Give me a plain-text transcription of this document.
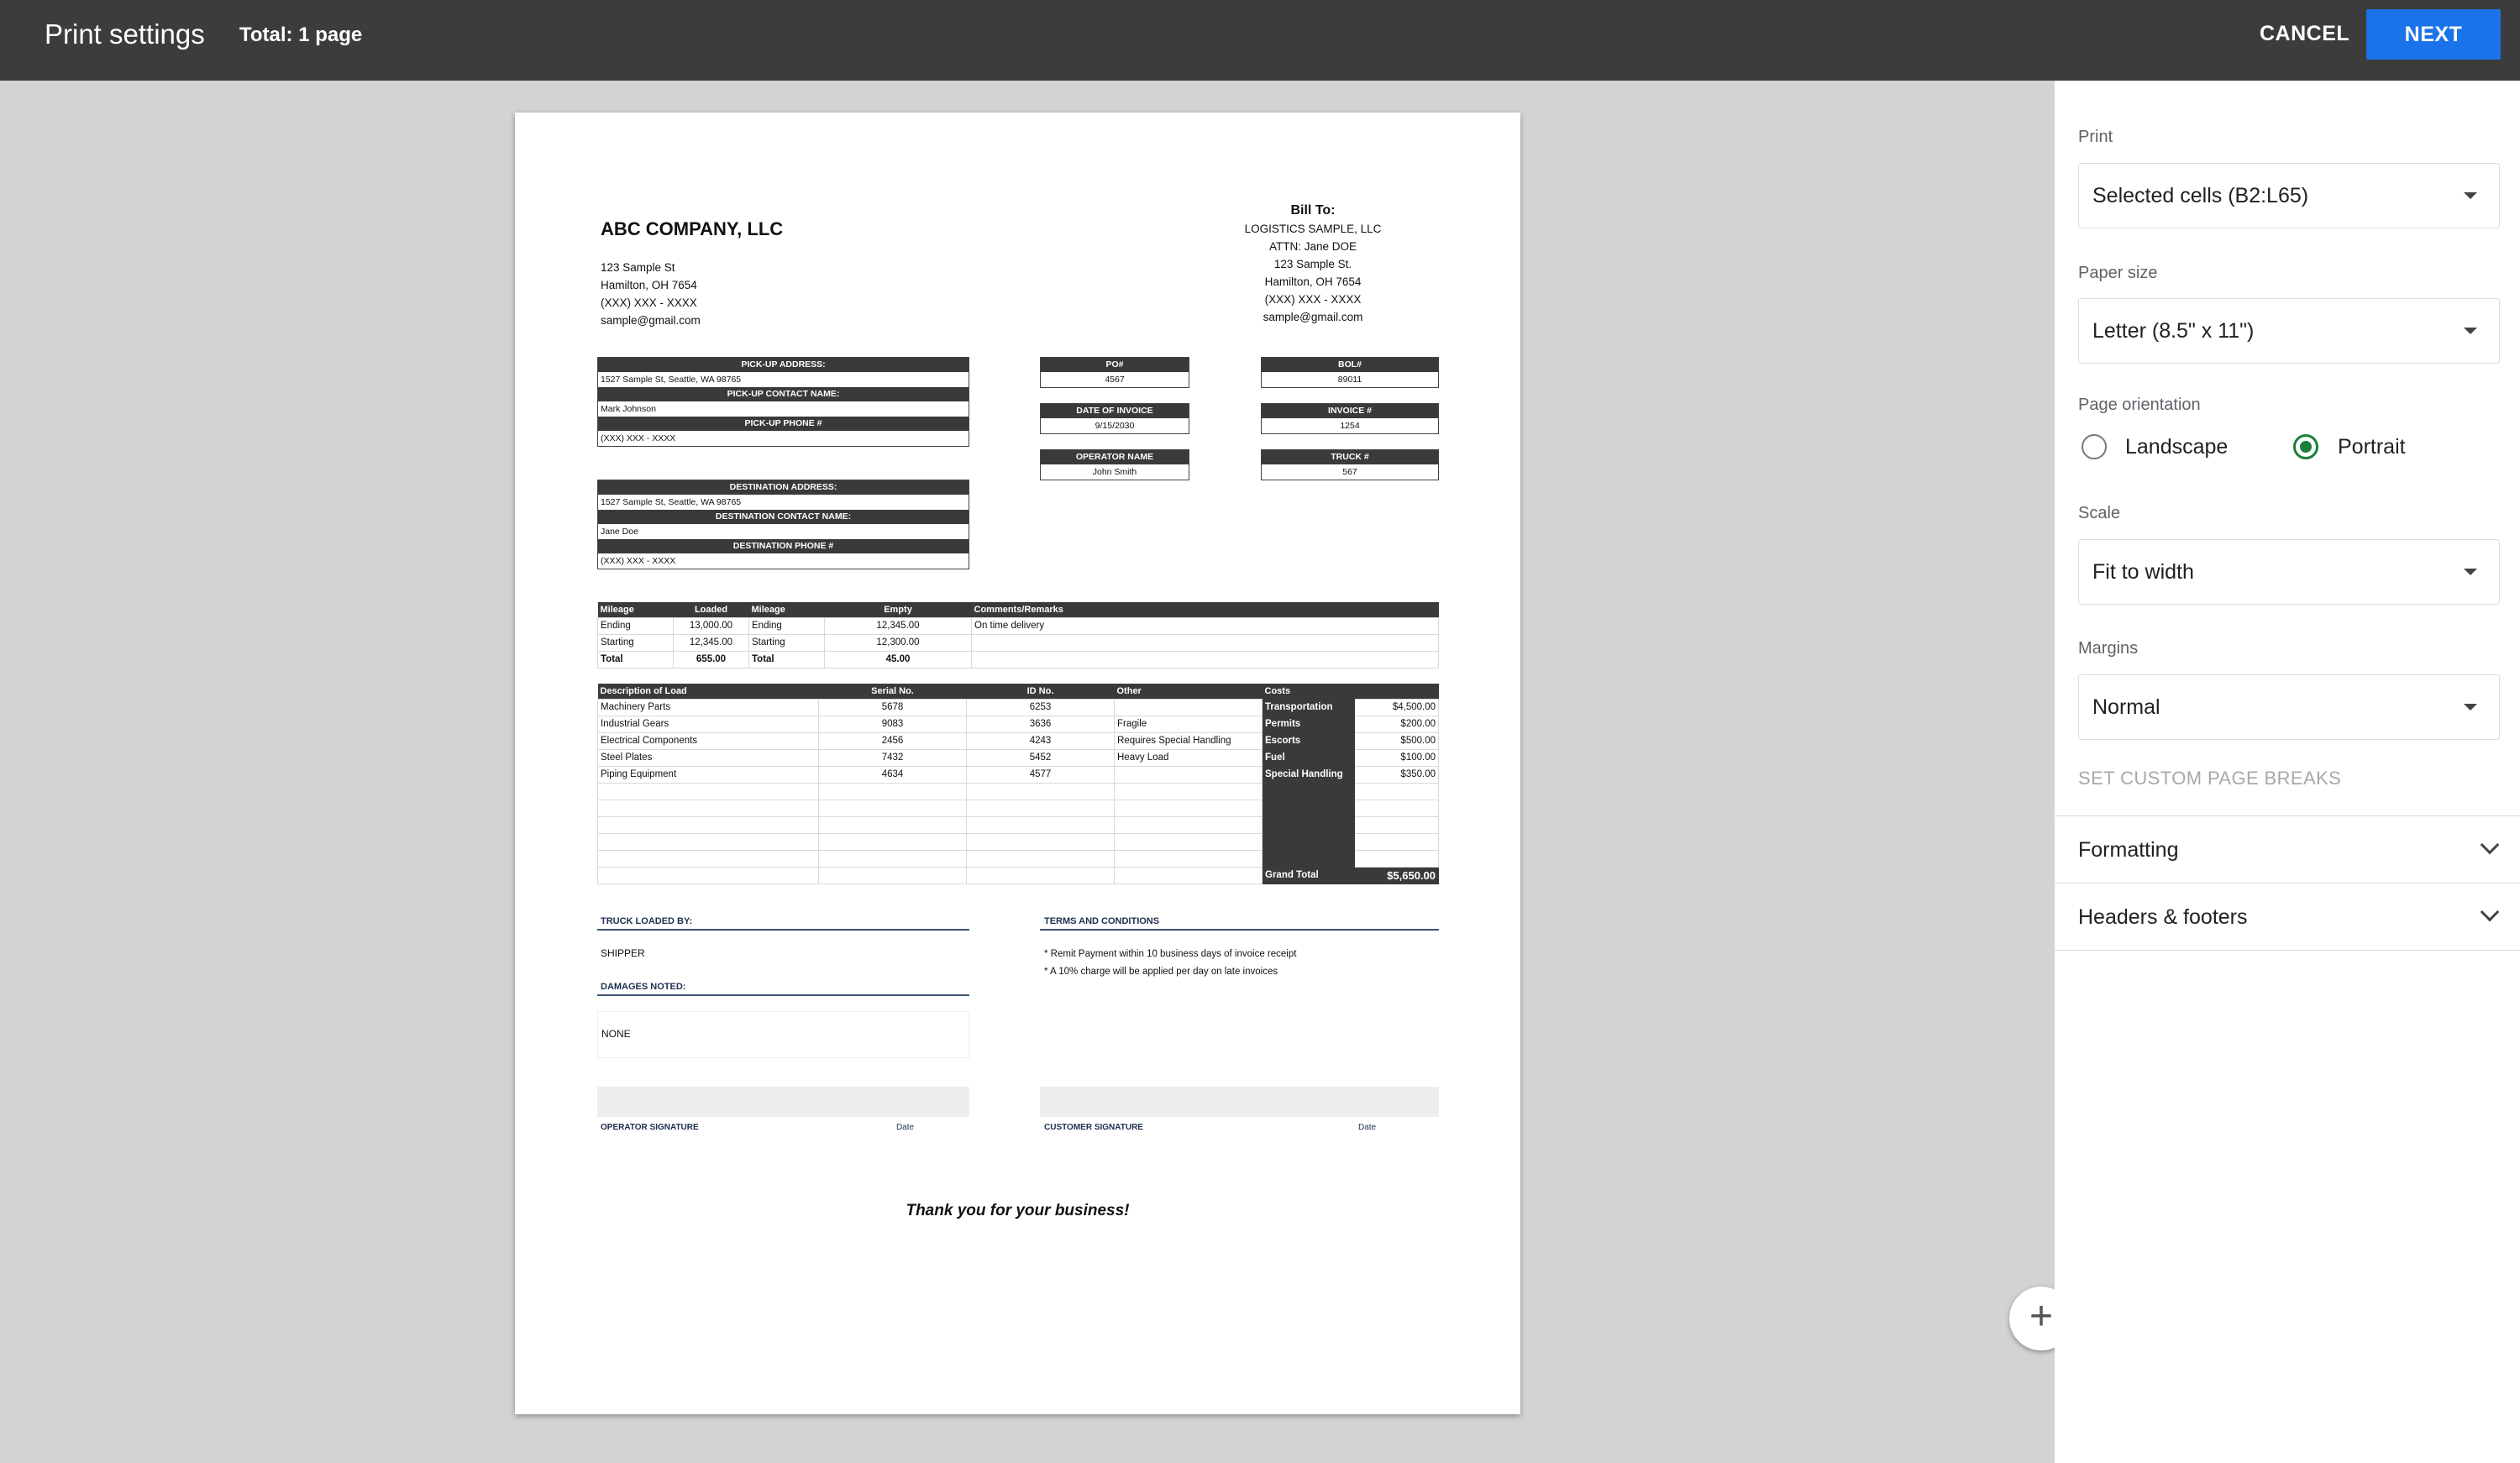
Print settings Total: 1 page	CANCEL	NEXT
ABC COMPANY, LLC
123 Sample St
Hamilton, OH 7654
(XXX) XXX - XXXX
sample@gmail.com
Bill To:
LOGISTICS SAMPLE, LLC
ATTN: Jane DOE
123 Sample St.
Hamilton, OH 7654
(XXX) XXX - XXXX
sample@gmail.com
PICK-UP ADDRESS:
1527 Sample St, Seattle, WA 98765
PICK-UP CONTACT NAME:
Mark Johnson
PICK-UP PHONE #
(XXX) XXX - XXXX
DESTINATION ADDRESS:
1527 Sample St, Seattle, WA 98765
DESTINATION CONTACT NAME:
Jane Doe
DESTINATION PHONE #
(XXX) XXX - XXXX
PO#
4567
BOL#
89011
DATE OF INVOICE
9/15/2030
INVOICE #
1254
OPERATOR NAME
John Smith
TRUCK #
567
Mileage	Loaded	Mileage	Empty	Comments/Remarks
Ending	13,000.00	Ending	12,345.00	On time delivery
Starting	12,345.00	Starting	12,300.00	
Total	655.00	Total	45.00	
Description of Load	Serial No.	ID No.	Other	Costs	
Machinery Parts	5678	6253		Transportation	$4,500.00
Industrial Gears	9083	3636	Fragile	Permits	$200.00
Electrical Components	2456	4243	Requires Special Handling	Escorts	$500.00
Steel Plates	7432	5452	Heavy Load	Fuel	$100.00
Piping Equipment	4634	4577		Special Handling	$350.00

				Grand Total	$5,650.00
TRUCK LOADED BY:
SHIPPER
DAMAGES NOTED:
NONE
TERMS AND CONDITIONS
* Remit Payment within 10 business days of invoice receipt
* A 10% charge will be applied per day on late invoices
OPERATOR SIGNATURE	Date	CUSTOMER SIGNATURE	Date
Thank you for your business!
+
Print
Selected cells (B2:L65)
Paper size
Letter (8.5" x 11")
Page orientation
Landscape	Portrait
Scale
Fit to width
Margins
Normal
SET CUSTOM PAGE BREAKS
Formatting
Headers & footers
